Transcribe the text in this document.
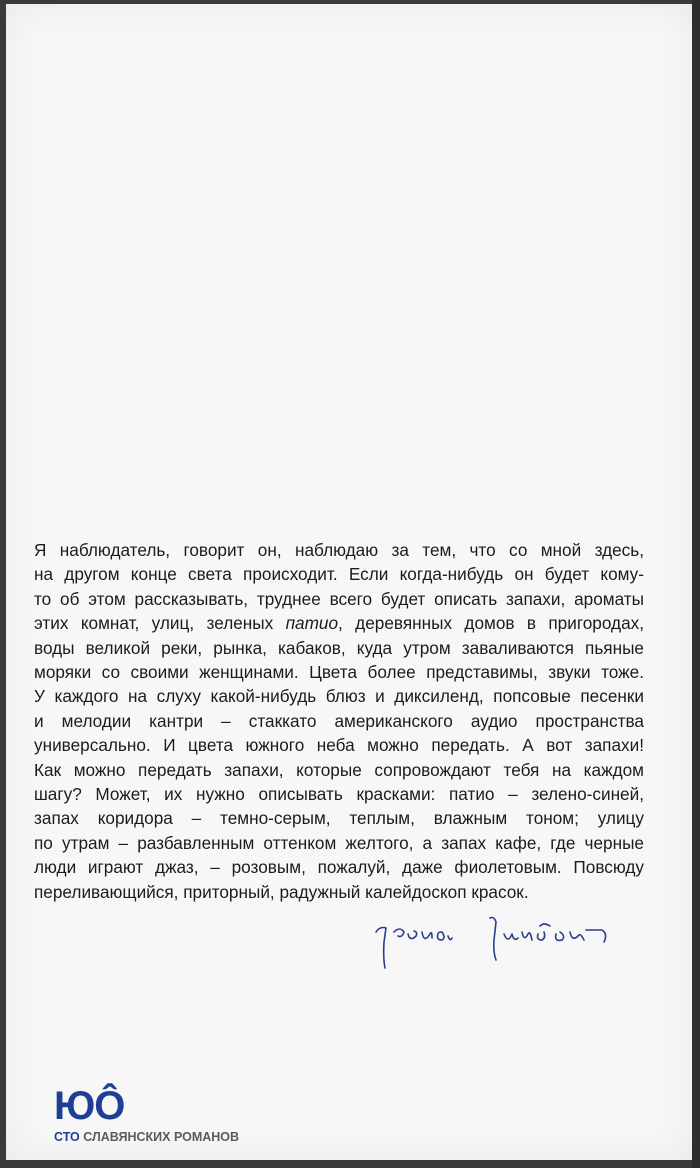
Я наблюдатель, говорит он, наблюдаю за тем, что со мной здесь,
на другом конце света происходит. Если когда-нибудь он будет кому-
то об этом рассказывать, труднее всего будет описать запахи, ароматы
этих комнат, улиц, зеленых патио, деревянных домов в пригородах,
воды великой реки, рынка, кабаков, куда утром заваливаются пьяные
моряки со своими женщинами. Цвета более представимы, звуки тоже.
У каждого на слуху какой-нибудь блюз и диксиленд, попсовые песенки
и мелодии кантри – стаккато американского аудио пространства
универсально. И цвета южного неба можно передать. А вот запахи!
Как можно передать запахи, которые сопровождают тебя на каждом
шагу? Может, их нужно описывать красками: патио – зелено-синей,
запах коридора – темно-серым, теплым, влажным тоном; улицу
по утрам – разбавленным оттенком желтого, а запах кафе, где черные
люди играют джаз, – розовым, пожалуй, даже фиолетовым. Повсюду
переливающийся, приторный, радужный калейдоскоп красок.
ЮÔ
СТО СЛАВЯНСКИХ РОМАНОВ
